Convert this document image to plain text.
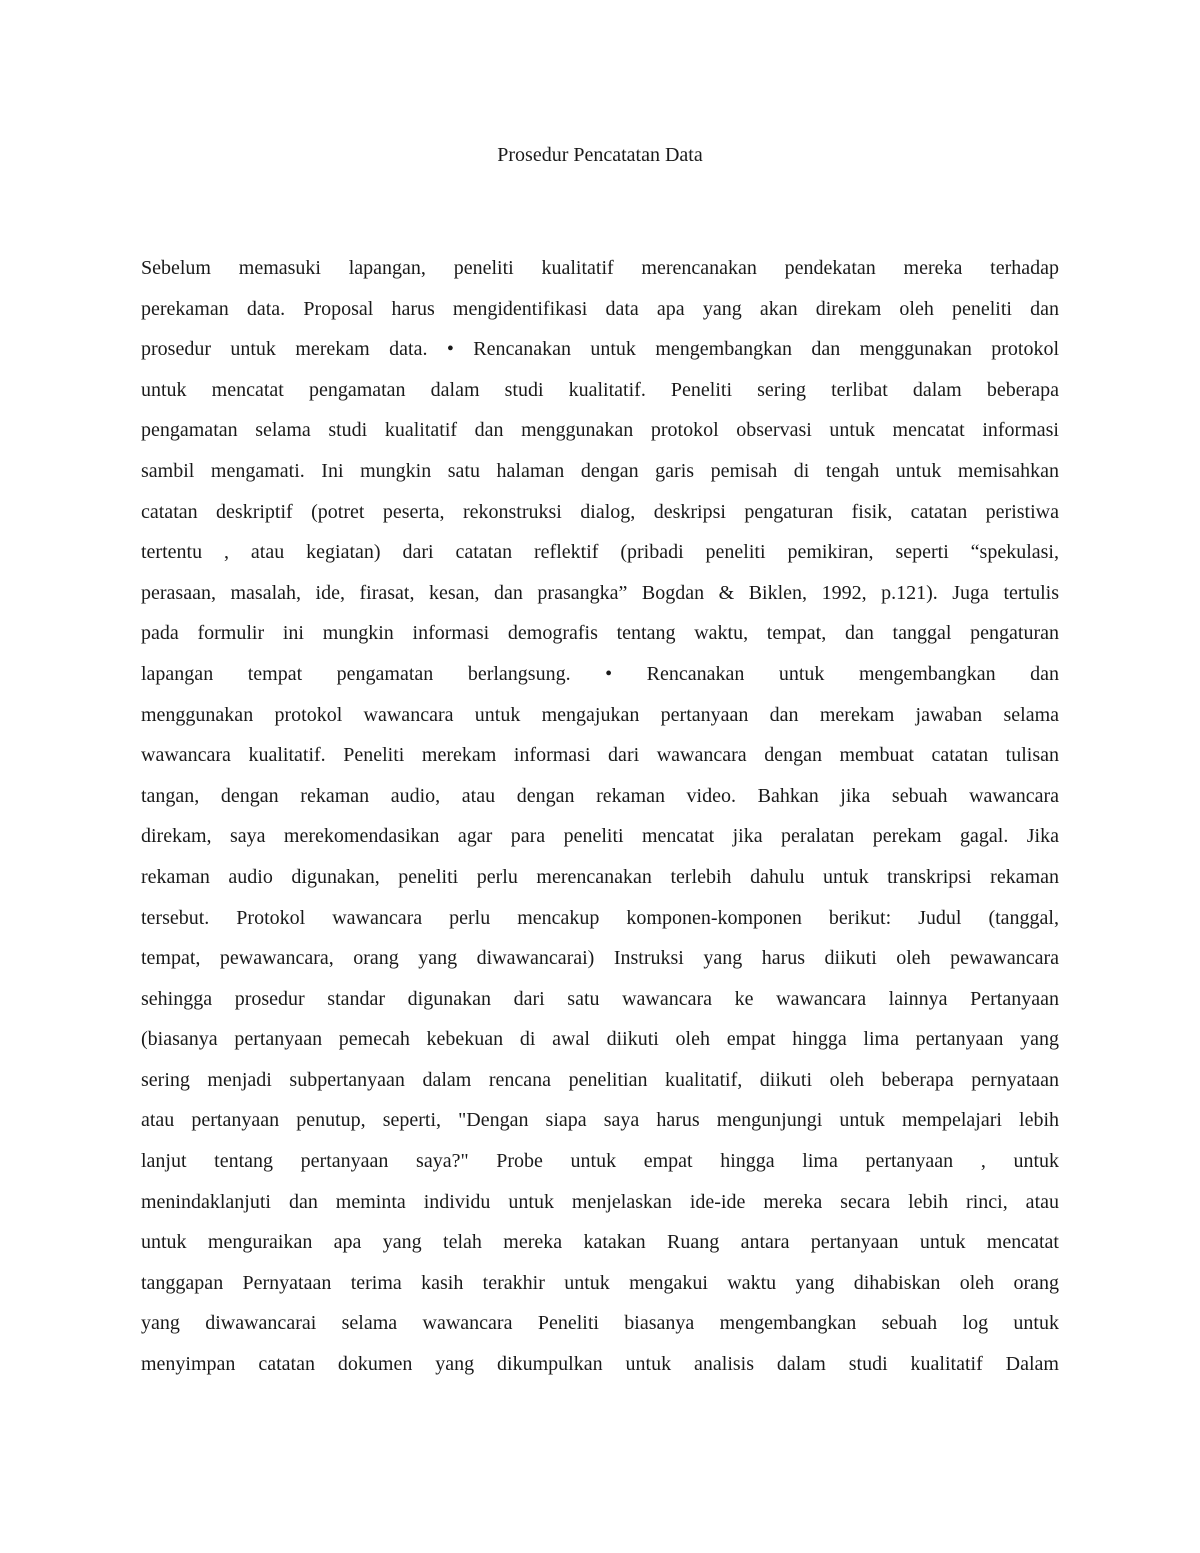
Prosedur Pencatatan Data
Sebelum memasuki lapangan, peneliti kualitatif merencanakan pendekatan mereka terhadap
perekaman data. Proposal harus mengidentifikasi data apa yang akan direkam oleh peneliti dan
prosedur untuk merekam data. • Rencanakan untuk mengembangkan dan menggunakan protokol
untuk mencatat pengamatan dalam studi kualitatif. Peneliti sering terlibat dalam beberapa
pengamatan selama studi kualitatif dan menggunakan protokol observasi untuk mencatat informasi
sambil mengamati. Ini mungkin satu halaman dengan garis pemisah di tengah untuk memisahkan
catatan deskriptif (potret peserta, rekonstruksi dialog, deskripsi pengaturan fisik, catatan peristiwa
tertentu , atau kegiatan) dari catatan reflektif (pribadi peneliti pemikiran, seperti “spekulasi,
perasaan, masalah, ide, firasat, kesan, dan prasangka” Bogdan & Biklen, 1992, p.121). Juga tertulis
pada formulir ini mungkin informasi demografis tentang waktu, tempat, dan tanggal pengaturan
lapangan tempat pengamatan berlangsung. • Rencanakan untuk mengembangkan dan
menggunakan protokol wawancara untuk mengajukan pertanyaan dan merekam jawaban selama
wawancara kualitatif. Peneliti merekam informasi dari wawancara dengan membuat catatan tulisan
tangan, dengan rekaman audio, atau dengan rekaman video. Bahkan jika sebuah wawancara
direkam, saya merekomendasikan agar para peneliti mencatat jika peralatan perekam gagal. Jika
rekaman audio digunakan, peneliti perlu merencanakan terlebih dahulu untuk transkripsi rekaman
tersebut. Protokol wawancara perlu mencakup komponen-komponen berikut: Judul (tanggal,
tempat, pewawancara, orang yang diwawancarai) Instruksi yang harus diikuti oleh pewawancara
sehingga prosedur standar digunakan dari satu wawancara ke wawancara lainnya Pertanyaan
(biasanya pertanyaan pemecah kebekuan di awal diikuti oleh empat hingga lima pertanyaan yang
sering menjadi subpertanyaan dalam rencana penelitian kualitatif, diikuti oleh beberapa pernyataan
atau pertanyaan penutup, seperti, "Dengan siapa saya harus mengunjungi untuk mempelajari lebih
lanjut tentang pertanyaan saya?" Probe untuk empat hingga lima pertanyaan , untuk
menindaklanjuti dan meminta individu untuk menjelaskan ide-ide mereka secara lebih rinci, atau
untuk menguraikan apa yang telah mereka katakan Ruang antara pertanyaan untuk mencatat
tanggapan Pernyataan terima kasih terakhir untuk mengakui waktu yang dihabiskan oleh orang
yang diwawancarai selama wawancara Peneliti biasanya mengembangkan sebuah log untuk
menyimpan catatan dokumen yang dikumpulkan untuk analisis dalam studi kualitatif Dalam
